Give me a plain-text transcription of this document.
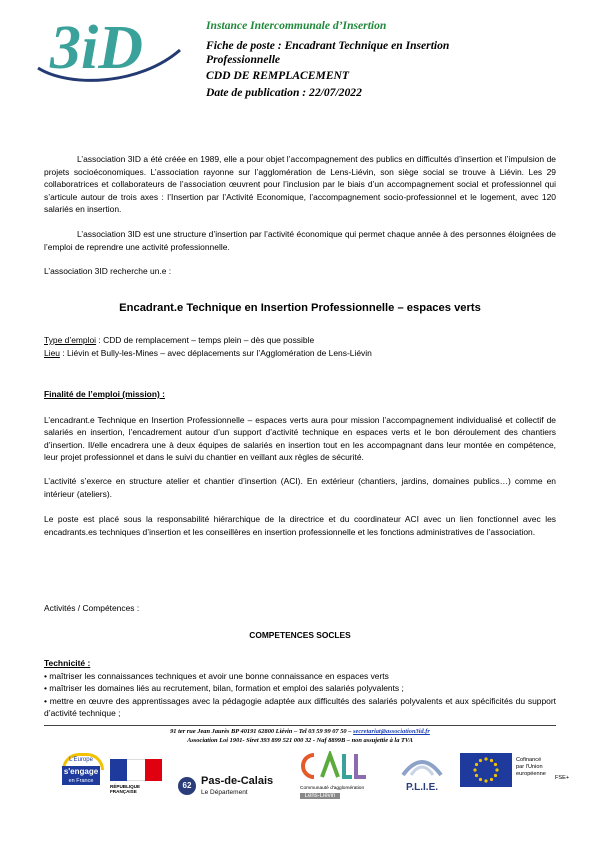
3iD	Instance Intercommunale d’Insertion
Fiche de poste : Encadrant Technique en Insertion
Professionnelle
CDD DE REMPLACEMENT
Date de publication : 22/07/2022

L’association 3ID a été créée en 1989, elle a pour objet l’accompagnement des publics en difficultés d’insertion et l’impulsion de projets socioéconomiques. L’association rayonne sur l’agglomération de Lens-Liévin, son siège social se trouve à Liévin. Les 29 collaboratrices et collaborateurs de l’association œuvrent pour l’inclusion par le biais d’un accompagnement social et professionnel qui s’articule autour de trois axes : l’Insertion par l’Activité Economique, l’accompagnement socio-professionnel et le logement, avec 120 salariés en insertion.

L’association 3ID est une structure d’insertion par l’activité économique qui permet chaque année à des personnes éloignées de l’emploi de reprendre une activité professionnelle.

L’association 3ID recherche un.e :

Encadrant.e Technique en Insertion Professionnelle – espaces verts

Type d’emploi : CDD de remplacement – temps plein – dès que possible

Lieu : Liévin et Bully-les-Mines – avec déplacements sur l’Agglomération de Lens-Liévin

Finalité de l’emploi (mission) :

L’encadrant.e Technique en Insertion Professionnelle – espaces verts aura pour mission l’accompagnement individualisé et collectif de salariés en insertion, l’encadrement autour d’un support d’activité technique en espaces verts et le bon déroulement des chantiers d’insertion. Il/elle encadrera une à deux équipes de salariés en insertion tout en les accompagnant dans leur montée en compétence, leur projet professionnel et dans le suivi du chantier en veillant aux règles de sécurité.

L’activité s’exerce en structure atelier et chantier d’insertion (ACI). En extérieur (chantiers, jardins, domaines publics…) comme en intérieur (ateliers).

Le poste est placé sous la responsabilité hiérarchique de la directrice et du coordinateur ACI avec un lien fonctionnel avec les encadrants.es techniques d’insertion et les conseillères en insertion professionnelle et les fonctions administratives de l’association.

Activités / Compétences :
COMPETENCES SOCLES

Technicité :

• maîtriser les connaissances techniques et avoir une bonne connaissance en espaces verts

• maîtriser les domaines liés au recrutement, bilan, formation et emploi des salariés polyvalents ;

• mettre en œuvre des apprentissages avec la pédagogie adaptée aux difficultés des salariés polyvalents et aux spécificités du support d’activité technique ;

91 ter rue Jean Jaurès BP 40191 62800 Liévin – Tel 03 59 99 07 50 – secretariat@association3id.fr
Association Loi 1901- Siret 393 899 521 000 32 - Naf 8899B – non assujettie à la TVA
L'Europe
s'engage
en France
RÉPUBLIQUE FRANÇAISE
62 Pas-de-Calais
Le Département
Communauté d'agglomération
Lens-Liévin
P.L.I.E.
Cofinancé
par l'Union
européenne
FSE+
